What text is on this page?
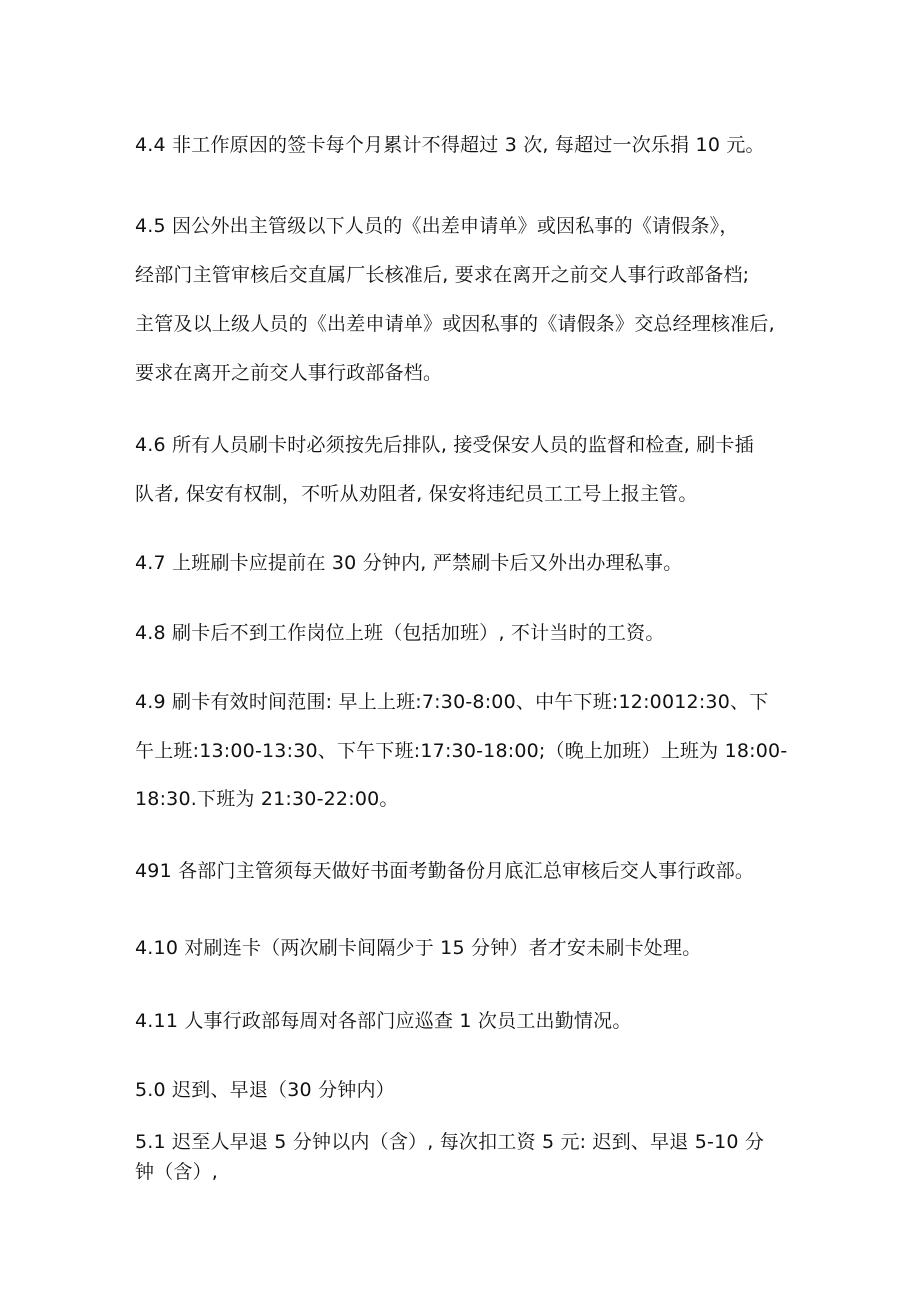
4.4 非工作原因的签卡每个月累计不得超过 3 次, 每超过一次乐捐 10 元。
4.5 因公外出主管级以下人员的《出差申请单》或因私事的《请假条》，
经部门主管审核后交直属厂长核准后, 要求在离开之前交人事行政部备档;
主管及以上级人员的《出差申请单》或因私事的《请假条》交总经理核准后,
要求在离开之前交人事行政部备档。
4.6 所有人员刷卡时必须按先后排队, 接受保安人员的监督和检查, 刷卡插
队者, 保安有权制，不听从劝阻者, 保安将违纪员工工号上报主管。
4.7 上班刷卡应提前在 30 分钟内, 严禁刷卡后又外出办理私事。
4.8 刷卡后不到工作岗位上班（包括加班）, 不计当时的工资。
4.9 刷卡有效时间范围: 早上上班:7:30-8:00、中午下班:12:0012:30、下
午上班:13:00-13:30、下午下班:17:30-18:00;（晚上加班）上班为 18:00-
18:30.下班为 21:30-22:00。
491 各部门主管须每天做好书面考勤备份月底汇总审核后交人事行政部。
4.10 对刷连卡（两次刷卡间隔少于 15 分钟）者才安未刷卡处理。
4.11 人事行政部每周对各部门应巡查 1 次员工出勤情况。
5.0 迟到、早退（30 分钟内）
5.1 迟至人早退 5 分钟以内（含）, 每次扣工资 5 元: 迟到、早退 5-10 分
钟（含）,
